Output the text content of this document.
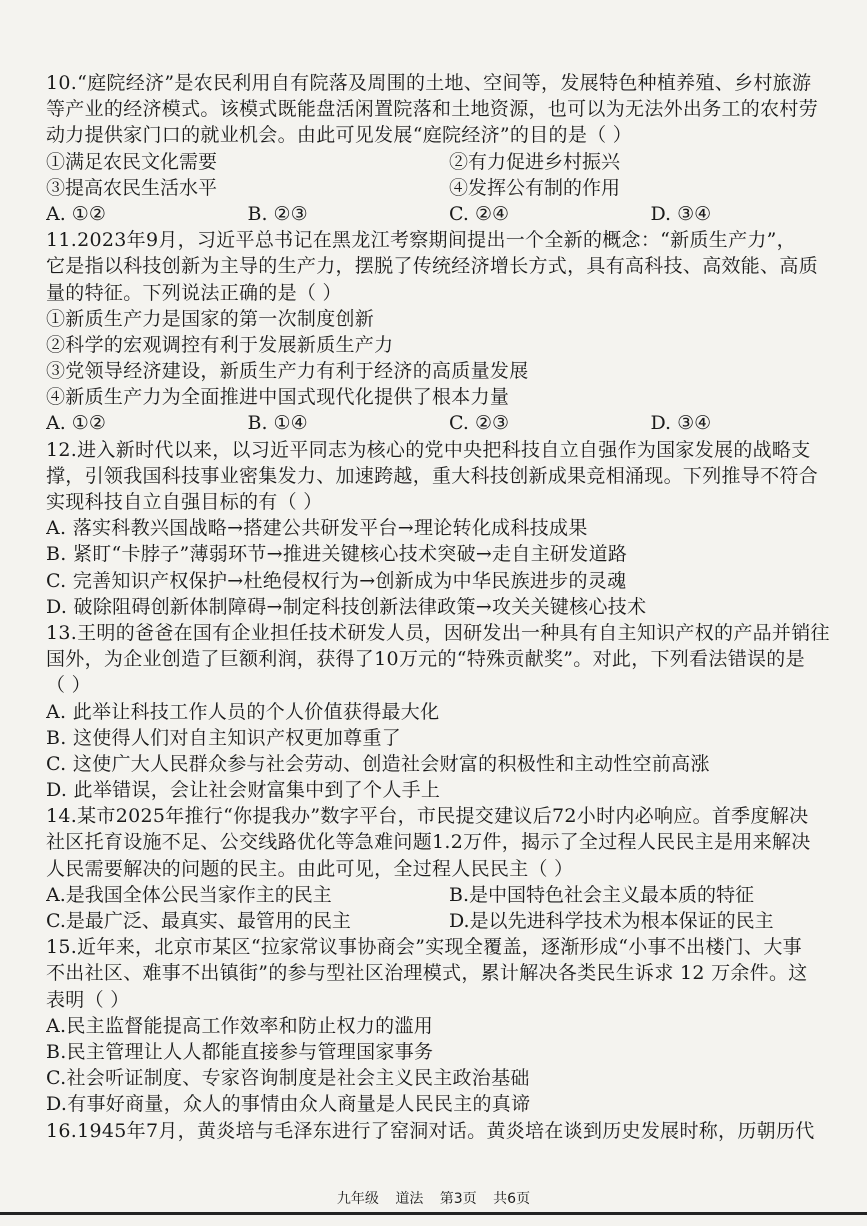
10.“庭院经济”是农民利用自有院落及周围的土地、空间等，发展特色种植养殖、乡村旅游
等产业的经济模式。该模式既能盘活闲置院落和土地资源，也可以为无法外出务工的农村劳
动力提供家门口的就业机会。由此可见发展“庭院经济”的目的是（ ）
①满足农民文化需要	②有力促进乡村振兴
③提高农民生活水平	④发挥公有制的作用
A. ①②	B. ②③	C. ②④	D. ③④
11.2023年9月，习近平总书记在黑龙江考察期间提出一个全新的概念：“新质生产力”，
它是指以科技创新为主导的生产力，摆脱了传统经济增长方式，具有高科技、高效能、高质
量的特征。下列说法正确的是（ ）
①新质生产力是国家的第一次制度创新
②科学的宏观调控有利于发展新质生产力
③党领导经济建设，新质生产力有利于经济的高质量发展
④新质生产力为全面推进中国式现代化提供了根本力量
A. ①②	B. ①④	C. ②③	D. ③④
12.进入新时代以来，以习近平同志为核心的党中央把科技自立自强作为国家发展的战略支
撑，引领我国科技事业密集发力、加速跨越，重大科技创新成果竞相涌现。下列推导不符合
实现科技自立自强目标的有（ ）
A. 落实科教兴国战略→搭建公共研发平台→理论转化成科技成果
B. 紧盯“卡脖子”薄弱环节→推进关键核心技术突破→走自主研发道路
C. 完善知识产权保护→杜绝侵权行为→创新成为中华民族进步的灵魂
D. 破除阻碍创新体制障碍→制定科技创新法律政策→攻关关键核心技术
13.王明的爸爸在国有企业担任技术研发人员，因研发出一种具有自主知识产权的产品并销往
国外，为企业创造了巨额利润，获得了10万元的“特殊贡献奖”。对此，下列看法错误的是
（ ）
A. 此举让科技工作人员的个人价值获得最大化
B. 这使得人们对自主知识产权更加尊重了
C. 这使广大人民群众参与社会劳动、创造社会财富的积极性和主动性空前高涨
D. 此举错误，会让社会财富集中到了个人手上
14.某市2025年推行“你提我办”数字平台，市民提交建议后72小时内必响应。首季度解决
社区托育设施不足、公交线路优化等急难问题1.2万件，揭示了全过程人民民主是用来解决
人民需要解决的问题的民主。由此可见，全过程人民民主（ ）
A.是我国全体公民当家作主的民主	B.是中国特色社会主义最本质的特征
C.是最广泛、最真实、最管用的民主	D.是以先进科学技术为根本保证的民主
15.近年来，北京市某区“拉家常议事协商会”实现全覆盖，逐渐形成“小事不出楼门、大事
不出社区、难事不出镇街”的参与型社区治理模式，累计解决各类民生诉求 12 万余件。这
表明（ ）
A.民主监督能提高工作效率和防止权力的滥用
B.民主管理让人人都能直接参与管理国家事务
C.社会听证制度、专家咨询制度是社会主义民主政治基础
D.有事好商量，众人的事情由众人商量是人民民主的真谛
16.1945年7月，黄炎培与毛泽东进行了窑洞对话。黄炎培在谈到历史发展时称，历朝历代
九年级 道法 第3页 共6页
